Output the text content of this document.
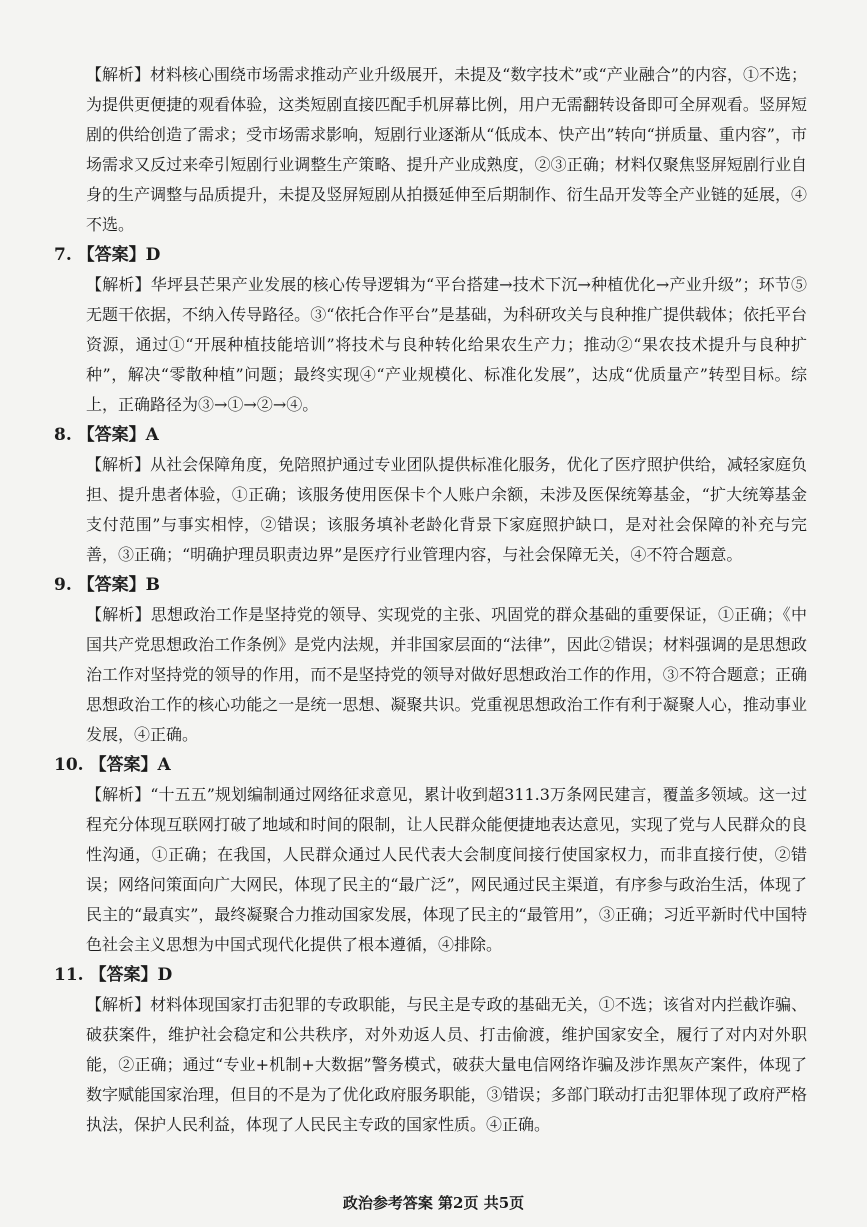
【解析】材料核心围绕市场需求推动产业升级展开，未提及“数字技术”或“产业融合”的内容，①不选；为提供更便捷的观看体验，这类短剧直接匹配手机屏幕比例，用户无需翻转设备即可全屏观看。竖屏短剧的供给创造了需求；受市场需求影响，短剧行业逐渐从“低成本、快产出”转向“拼质量、重内容”，市场需求又反过来牵引短剧行业调整生产策略、提升产业成熟度，②③正确；材料仅聚焦竖屏短剧行业自身的生产调整与品质提升，未提及竖屏短剧从拍摄延伸至后期制作、衍生品开发等全产业链的延展，④不选。

7. 【答案】D

【解析】华坪县芒果产业发展的核心传导逻辑为“平台搭建→技术下沉→种植优化→产业升级”；环节⑤无题干依据，不纳入传导路径。③“依托合作平台”是基础，为科研攻关与良种推广提供载体；依托平台资源，通过①“开展种植技能培训”将技术与良种转化给果农生产力；推动②“果农技术提升与良种扩种”，解决“零散种植”问题；最终实现④“产业规模化、标准化发展”，达成“优质量产”转型目标。综上，正确路径为③→①→②→④。

8. 【答案】A

【解析】从社会保障角度，免陪照护通过专业团队提供标准化服务，优化了医疗照护供给，减轻家庭负担、提升患者体验，①正确；该服务使用医保卡个人账户余额，未涉及医保统筹基金，“扩大统筹基金支付范围”与事实相悖，②错误；该服务填补老龄化背景下家庭照护缺口，是对社会保障的补充与完善，③正确；“明确护理员职责边界”是医疗行业管理内容，与社会保障无关，④不符合题意。

9. 【答案】B

【解析】思想政治工作是坚持党的领导、实现党的主张、巩固党的群众基础的重要保证，①正确；《中国共产党思想政治工作条例》是党内法规，并非国家层面的“法律”，因此②错误；材料强调的是思想政治工作对坚持党的领导的作用，而不是坚持党的领导对做好思想政治工作的作用，③不符合题意；正确思想政治工作的核心功能之一是统一思想、凝聚共识。党重视思想政治工作有利于凝聚人心，推动事业发展，④正确。

10. 【答案】A

【解析】“十五五”规划编制通过网络征求意见，累计收到超311.3万条网民建言，覆盖多领域。这一过程充分体现互联网打破了地域和时间的限制，让人民群众能便捷地表达意见，实现了党与人民群众的良性沟通，①正确；在我国，人民群众通过人民代表大会制度间接行使国家权力，而非直接行使，②错误；网络问策面向广大网民，体现了民主的“最广泛”，网民通过民主渠道，有序参与政治生活，体现了民主的“最真实”，最终凝聚合力推动国家发展，体现了民主的“最管用”，③正确；习近平新时代中国特色社会主义思想为中国式现代化提供了根本遵循，④排除。

11. 【答案】D

【解析】材料体现国家打击犯罪的专政职能，与民主是专政的基础无关，①不选；该省对内拦截诈骗、破获案件，维护社会稳定和公共秩序，对外劝返人员、打击偷渡，维护国家安全，履行了对内对外职能，②正确；通过“专业+机制+大数据”警务模式，破获大量电信网络诈骗及涉诈黑灰产案件，体现了数字赋能国家治理，但目的不是为了优化政府服务职能，③错误；多部门联动打击犯罪体现了政府严格执法，保护人民利益，体现了人民民主专政的国家性质。④正确。

政治参考答案 第2页 共5页
